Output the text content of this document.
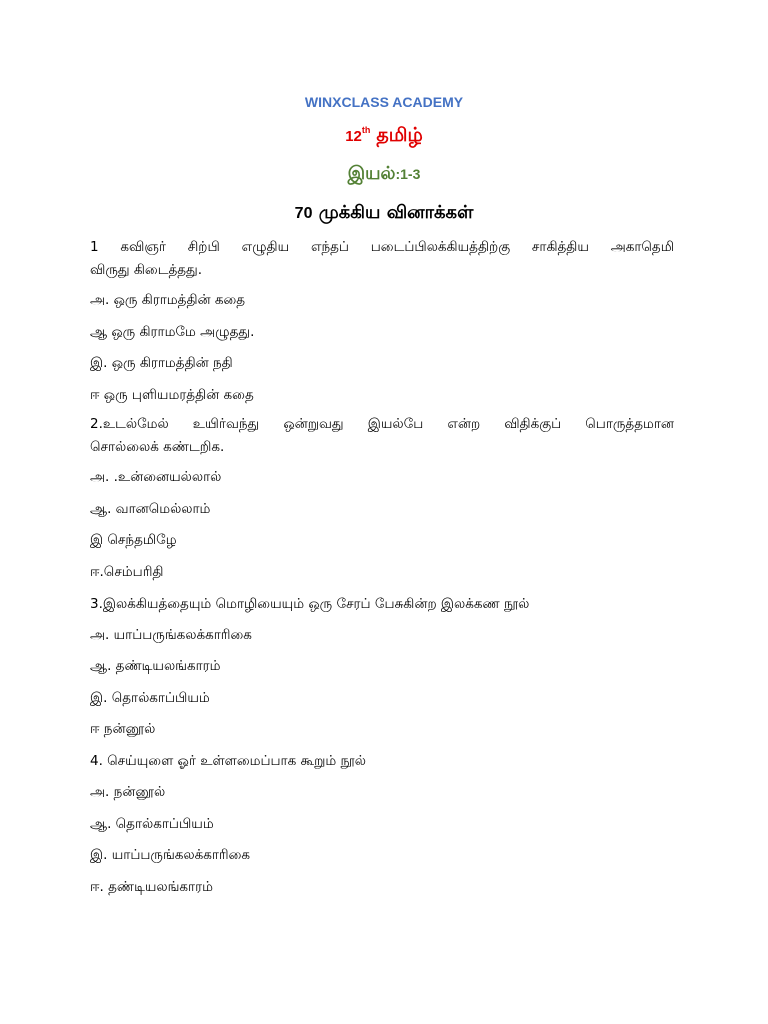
WINXCLASS ACADEMY
12th தமிழ்
இயல்:1-3
70 முக்கிய வினாக்கள்
1 கவிஞர் சிற்பி எழுதிய எந்தப் படைப்பிலக்கியத்திற்கு சாகித்திய அகாதெமி
விருது கிடைத்தது.
அ. ஒரு கிராமத்தின் கதை
ஆ ஒரு கிராமமே அழுதது.
இ. ஒரு கிராமத்தின் நதி
ஈ ஒரு புளியமரத்தின் கதை
2.உடல்மேல் உயிர்வந்து ஒன்றுவது இயல்பே என்ற விதிக்குப் பொருத்தமான
சொல்லைக் கண்டறிக.
அ. .உன்னையல்லால்
ஆ. வானமெல்லாம்
இ செந்தமிழே
ஈ.செம்பரிதி
3.இலக்கியத்தையும் மொழியையும் ஒரு சேரப் பேசுகின்ற இலக்கண நூல்
அ. யாப்பருங்கலக்காரிகை
ஆ. தண்டியலங்காரம்
இ. தொல்காப்பியம்
ஈ நன்னூல்
4. செய்யுளை ஓர் உள்ளமைப்பாக கூறும் நூல்
அ. நன்னூல்
ஆ. தொல்காப்பியம்
இ. யாப்பருங்கலக்காரிகை
ஈ. தண்டியலங்காரம்
